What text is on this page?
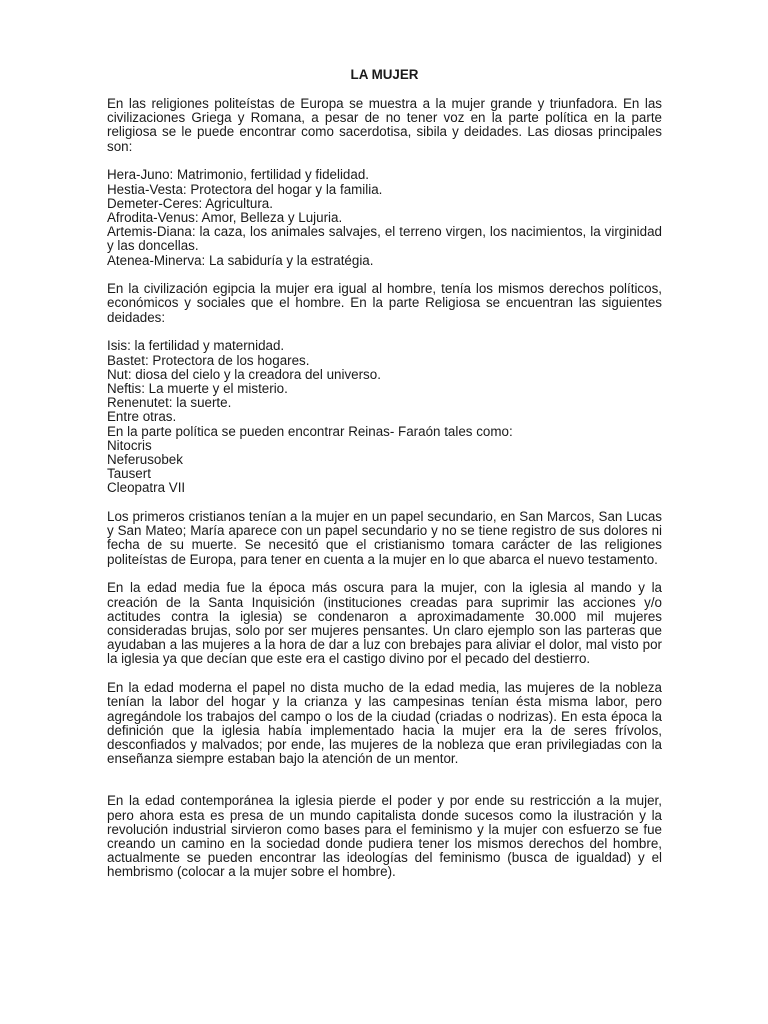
LA MUJER

En las religiones politeístas de Europa se muestra a la mujer grande y triunfadora. En las civilizaciones Griega y Romana, a pesar de no tener voz en la parte política en la parte religiosa se le puede encontrar como sacerdotisa, sibila y deidades. Las diosas principales son:

Hera-Juno: Matrimonio, fertilidad y fidelidad.
Hestia-Vesta: Protectora del hogar y la familia.
Demeter-Ceres: Agricultura.
Afrodita-Venus: Amor, Belleza y Lujuria.
Artemis-Diana: la caza, los animales salvajes, el terreno virgen, los nacimientos, la virginidad y las doncellas.
Atenea-Minerva: La sabiduría y la estratégia.

En la civilización egipcia la mujer era igual al hombre, tenía los mismos derechos políticos, económicos y sociales que el hombre. En la parte Religiosa se encuentran las siguientes deidades:

Isis: la fertilidad y maternidad.
Bastet: Protectora de los hogares.
Nut: diosa del cielo y la creadora del universo.
Neftis: La muerte y el misterio.
Renenutet: la suerte.
Entre otras.
En la parte política se pueden encontrar Reinas- Faraón tales como:
Nitocris
Neferusobek
Tausert
Cleopatra VII

Los primeros cristianos tenían a la mujer en un papel secundario, en San Marcos, San Lucas y San Mateo; María aparece con un papel secundario y no se tiene registro de sus dolores ni fecha de su muerte. Se necesitó que el cristianismo tomara carácter de las religiones politeístas de Europa, para tener en cuenta a la mujer en lo que abarca el nuevo testamento.

En la edad media fue la época más oscura para la mujer, con la iglesia al mando y la creación de la Santa Inquisición (instituciones creadas para suprimir las acciones y/o actitudes contra la iglesia) se condenaron a aproximadamente 30.000 mil mujeres consideradas brujas, solo por ser mujeres pensantes. Un claro ejemplo son las parteras que ayudaban a las mujeres a la hora de dar a luz con brebajes para aliviar el dolor, mal visto por la iglesia ya que decían que este era el castigo divino por el pecado del destierro.

En la edad moderna el papel no dista mucho de la edad media, las mujeres de la nobleza tenían la labor del hogar y la crianza y las campesinas tenían ésta misma labor, pero agregándole los trabajos del campo o los de la ciudad (criadas o nodrizas). En esta época la definición que la iglesia había implementado hacia la mujer era la de seres frívolos, desconfiados y malvados; por ende, las mujeres de la nobleza que eran privilegiadas con la enseñanza siempre estaban bajo la atención de un mentor.

En la edad contemporánea la iglesia pierde el poder y por ende su restricción a la mujer, pero ahora esta es presa de un mundo capitalista donde sucesos como la ilustración y la revolución industrial sirvieron como bases para el feminismo y la mujer con esfuerzo se fue creando un camino en la sociedad donde pudiera tener los mismos derechos del hombre, actualmente se pueden encontrar las ideologías del feminismo (busca de igualdad) y el hembrismo (colocar a la mujer sobre el hombre).
